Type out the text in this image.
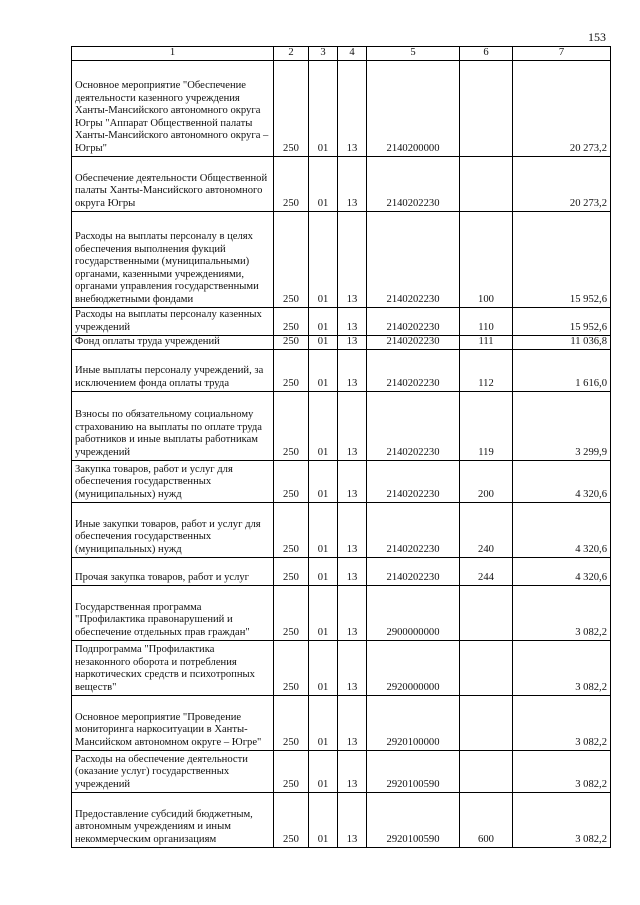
153
1	2	3	4	5	6	7
Основное мероприятие "Обеспечение деятельности казенного учреждения Ханты-Мансийского автономного округа Югры "Аппарат Общественной палаты Ханты-Мансийского автономного округа – Югры"	250	01	13	2140200000		20 273,2
Обеспечение деятельности Общественной палаты Ханты-Мансийского автономного округа Югры	250	01	13	2140202230		20 273,2
Расходы на выплаты персоналу в целях обеспечения выполнения фукций государственными (муниципальными) органами, казенными учреждениями, органами управления государственными внебюджетными фондами	250	01	13	2140202230	100	15 952,6
Расходы на выплаты персоналу казенных учреждений	250	01	13	2140202230	110	15 952,6
Фонд оплаты труда учреждений	250	01	13	2140202230	111	11 036,8
Иные выплаты персоналу учреждений, за исключением фонда оплаты труда	250	01	13	2140202230	112	1 616,0
Взносы по обязательному социальному страхованию на выплаты по оплате труда работников и иные выплаты работникам учреждений	250	01	13	2140202230	119	3 299,9
Закупка товаров, работ и услуг для обеспечения государственных (муниципальных) нужд	250	01	13	2140202230	200	4 320,6
Иные закупки товаров, работ и услуг для обеспечения государственных (муниципальных) нужд	250	01	13	2140202230	240	4 320,6
Прочая закупка товаров, работ и услуг	250	01	13	2140202230	244	4 320,6
Государственная программа "Профилактика правонарушений и обеспечение отдельных прав граждан"	250	01	13	2900000000		3 082,2
Подпрограмма "Профилактика незаконного оборота и потребления наркотических средств и психотропных веществ"	250	01	13	2920000000		3 082,2
Основное мероприятие "Проведение мониторинга наркоситуации в Ханты-Мансийском автономном округе – Югре"	250	01	13	2920100000		3 082,2
Расходы на обеспечение деятельности (оказание услуг) государственных учреждений	250	01	13	2920100590		3 082,2
Предоставление субсидий бюджетным, автономным учреждениям и иным некоммерческим организациям	250	01	13	2920100590	600	3 082,2
